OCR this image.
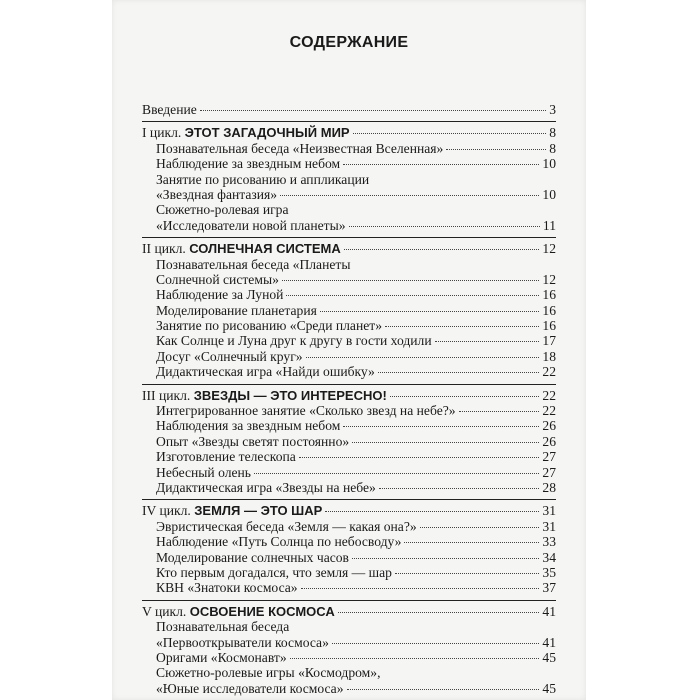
СОДЕРЖАНИЕ
Введение	3
I цикл. ЭТОТ ЗАГАДОЧНЫЙ МИР	8
Познавательная беседа «Неизвестная Вселенная»	8
Наблюдение за звездным небом	10
Занятие по рисованию и аппликации
«Звездная фантазия»	10
Сюжетно-ролевая игра
«Исследователи новой планеты»	11
II цикл. СОЛНЕЧНАЯ СИСТЕМА	12
Познавательная беседа «Планеты
Солнечной системы»	12
Наблюдение за Луной	16
Моделирование планетария	16
Занятие по рисованию «Среди планет»	16
Как Солнце и Луна друг к другу в гости ходили	17
Досуг «Солнечный круг»	18
Дидактическая игра «Найди ошибку»	22
III цикл. ЗВЕЗДЫ — ЭТО ИНТЕРЕСНО!	22
Интегрированное занятие «Сколько звезд на небе?»	22
Наблюдения за звездным небом	26
Опыт «Звезды светят постоянно»	26
Изготовление телескопа	27
Небесный олень	27
Дидактическая игра «Звезды на небе»	28
IV цикл. ЗЕМЛЯ — ЭТО ШАР	31
Эвристическая беседа «Земля — какая она?»	31
Наблюдение «Путь Солнца по небосводу»	33
Моделирование солнечных часов	34
Кто первым догадался, что земля — шар	35
КВН «Знатоки космоса»	37
V цикл. ОСВОЕНИЕ КОСМОСА	41
Познавательная беседа
«Первооткрыватели космоса»	41
Оригами «Космонавт»	45
Сюжетно-ролевые игры «Космодром»,
«Юные исследователи космоса»	45
